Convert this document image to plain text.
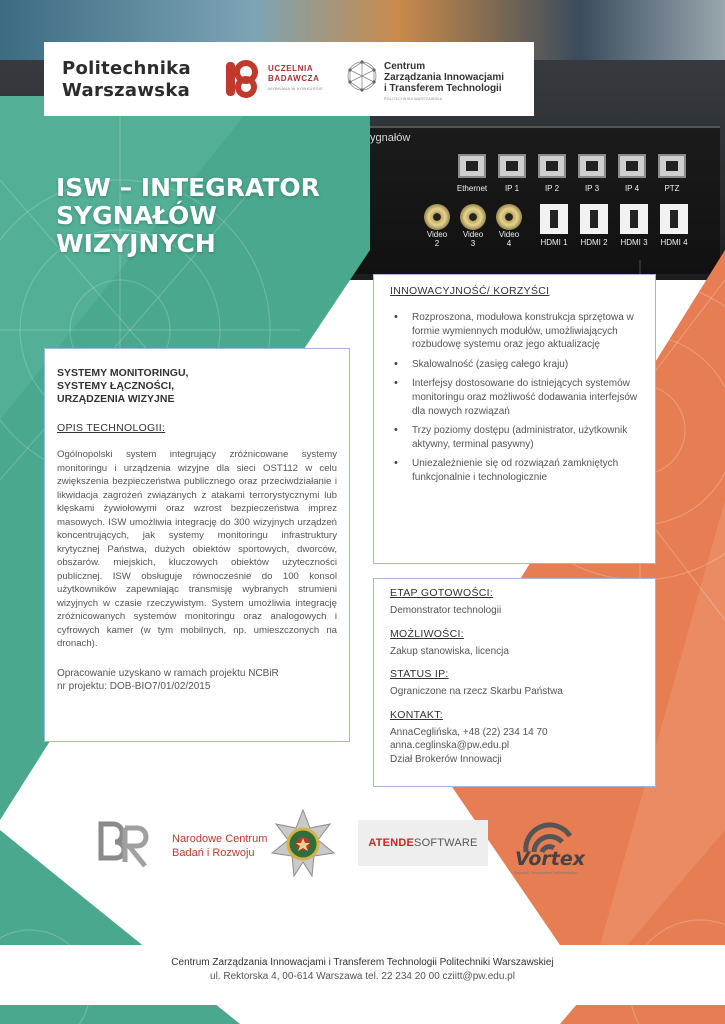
ygnałów
Ethernet	IP 1	IP 2	IP 3	IP 4	PTZ
Video
2
Video
3
Video
4	HDMI 1	HDMI 2	HDMI 3	HDMI 4
Politechnika
Warszawska
UCZELNIA
BADAWCZA
WYBRANA W KONKURSIE
Centrum
Zarządzania Innowacjami
i Transferem Technologii
POLITECHNIKA WARSZAWSKA
ISW – INTEGRATOR
SYGNAŁÓW
WIZYJNYCH
SYSTEMY MONITORINGU,
SYSTEMY ŁĄCZNOŚCI,
URZĄDZENIA WIZYJNE
OPIS TECHNOLOGII:

Ogólnopolski system integrujący zróżnicowane systemy monitoringu i urządzenia wizyjne dla sieci OST112 w celu zwiększenia bezpieczeństwa publicznego oraz przeciwdziałanie i likwidacja zagrożeń związanych z atakami terrorystycznymi lub klęskami żywiołowymi oraz wzrost bezpieczeństwa imprez masowych. ISW umożliwia integrację do 300 wizyjnych urządzeń koncentrujących, jak systemy monitoringu infrastruktury krytycznej Państwa, dużych obiektów sportowych, dworców, obszarów. miejskich, kluczowych obiektów użyteczności publicznej. ISW obsługuje równocześnie do 100 konsol użytkowników zapewniając transmisję wybranych strumieni wizyjnych w czasie rzeczywistym. System umożliwia integrację zróżnicowanych systemów monitoringu oraz analogowych i cyfrowych kamer (w tym mobilnych, np. umieszczonych na dronach).

Opracowanie uzyskano w ramach projektu NCBiR
nr projektu: DOB-BIO7/01/02/2015
INNOWACYJNOŚĆ/ KORZYŚCI
• Rozproszona, modułowa konstrukcja sprzętowa w formie wymiennych modułów, umożliwiających rozbudowę systemu oraz jego aktualizację
• Skalowalność (zasięg całego kraju)
• Interfejsy dostosowane do istniejących systemów monitoringu oraz możliwość dodawania interfejsów dla nowych rozwiązań
• Trzy poziomy dostępu (administrator, użytkownik aktywny, terminal pasywny)
• Uniezależnienie się od rozwiązań zamkniętych funkcjonalnie i technologicznie
ETAP GOTOWOŚCI:
Demonstrator technologii
MOŻLIWOŚCI:
Zakup stanowiska, licencja
STATUS IP:
Ograniczone na rzecz Skarbu Państwa
KONTAKT:
AnnaCeglińska, +48 (22) 234 14 70
anna.ceglinska@pw.edu.pl
Dział Brokerów Innowacji
Narodowe Centrum
Badań i Rozwoju
ATENDE SOFTWARE
Vortex
Research, Development, Implementation
Centrum Zarządzania Innowacjami i Transferem Technologii Politechniki Warszawskiej
ul. Rektorska 4, 00-614 Warszawa tel. 22 234 20 00 cziitt@pw.edu.pl
